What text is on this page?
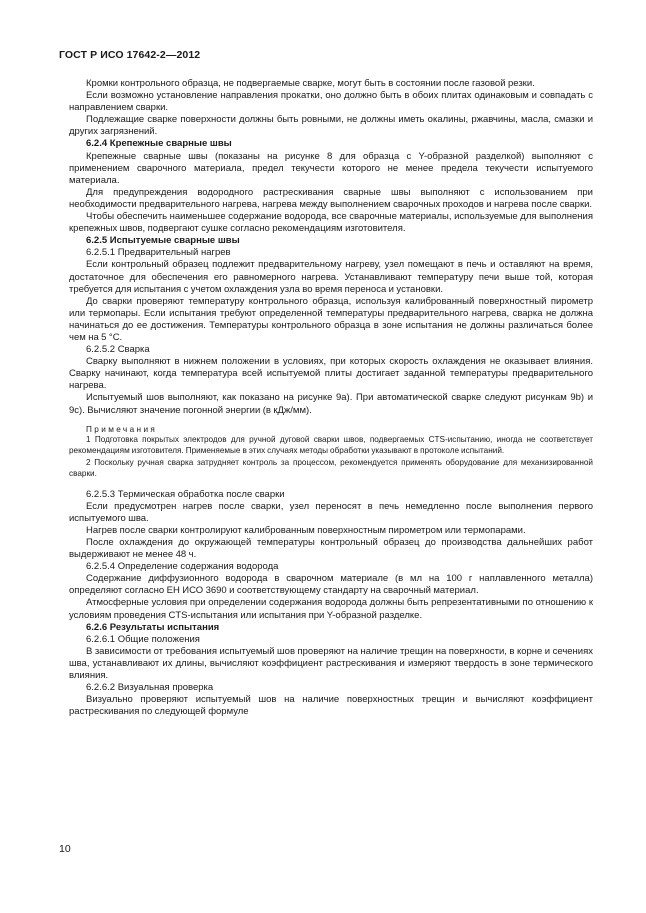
ГОСТ Р ИСО 17642-2—2012

Кромки контрольного образца, не подвергаемые сварке, могут быть в состоянии после газовой резки.

Если возможно установление направления прокатки, оно должно быть в обоих плитах одинаковым и совпадать с направлением сварки.

Подлежащие сварке поверхности должны быть ровными, не должны иметь окалины, ржавчины, масла, смазки и других загрязнений.

6.2.4 Крепежные сварные швы

Крепежные сварные швы (показаны на рисунке 8 для образца с Y-образной разделкой) выполняют с применением сварочного материала, предел текучести которого не менее предела текучести испытуемого материала.

Для предупреждения водородного растрескивания сварные швы выполняют с использованием при необходимости предварительного нагрева, нагрева между выполнением сварочных проходов и нагрева после сварки.

Чтобы обеспечить наименьшее содержание водорода, все сварочные материалы, используемые для выполнения крепежных швов, подвергают сушке согласно рекомендациям изготовителя.

6.2.5 Испытуемые сварные швы

6.2.5.1 Предварительный нагрев

Если контрольный образец подлежит предварительному нагреву, узел помещают в печь и оставляют на время, достаточное для обеспечения его равномерного нагрева. Устанавливают температуру печи выше той, которая требуется для испытания с учетом охлаждения узла во время переноса и установки.

До сварки проверяют температуру контрольного образца, используя калиброванный поверхностный пирометр или термопары. Если испытания требуют определенной температуры предварительного нагрева, сварка не должна начинаться до ее достижения. Температуры контрольного образца в зоне испытания не должны различаться более чем на 5 °С.

6.2.5.2 Сварка

Сварку выполняют в нижнем положении в условиях, при которых скорость охлаждения не оказывает влияния. Сварку начинают, когда температура всей испытуемой плиты достигает заданной температуры предварительного нагрева.

Испытуемый шов выполняют, как показано на рисунке 9а). При автоматической сварке следуют рисункам 9b) и 9с). Вычисляют значение погонной энергии (в кДж/мм).

Примечания

1 Подготовка покрытых электродов для ручной дуговой сварки швов, подвергаемых CTS-испытанию, иногда не соответствует рекомендациям изготовителя. Применяемые в этих случаях методы обработки указывают в протоколе испытаний.

2 Поскольку ручная сварка затрудняет контроль за процессом, рекомендуется применять оборудование для механизированной сварки.

6.2.5.3 Термическая обработка после сварки

Если предусмотрен нагрев после сварки, узел переносят в печь немедленно после выполнения первого испытуемого шва.

Нагрев после сварки контролируют калиброванным поверхностным пирометром или термопарами.

После охлаждения до окружающей температуры контрольный образец до производства дальнейших работ выдерживают не менее 48 ч.

6.2.5.4 Определение содержания водорода

Содержание диффузионного водорода в сварочном материале (в мл на 100 г наплавленного металла) определяют согласно ЕН ИСО 3690 и соответствующему стандарту на сварочный материал.

Атмосферные условия при определении содержания водорода должны быть репрезентативными по отношению к условиям проведения CTS-испытания или испытания при Y-образной разделке.

6.2.6 Результаты испытания

6.2.6.1 Общие положения

В зависимости от требования испытуемый шов проверяют на наличие трещин на поверхности, в корне и сечениях шва, устанавливают их длины, вычисляют коэффициент растрескивания и измеряют твердость в зоне термического влияния.

6.2.6.2 Визуальная проверка

Визуально проверяют испытуемый шов на наличие поверхностных трещин и вычисляют коэффициент растрескивания по следующей формуле

10
